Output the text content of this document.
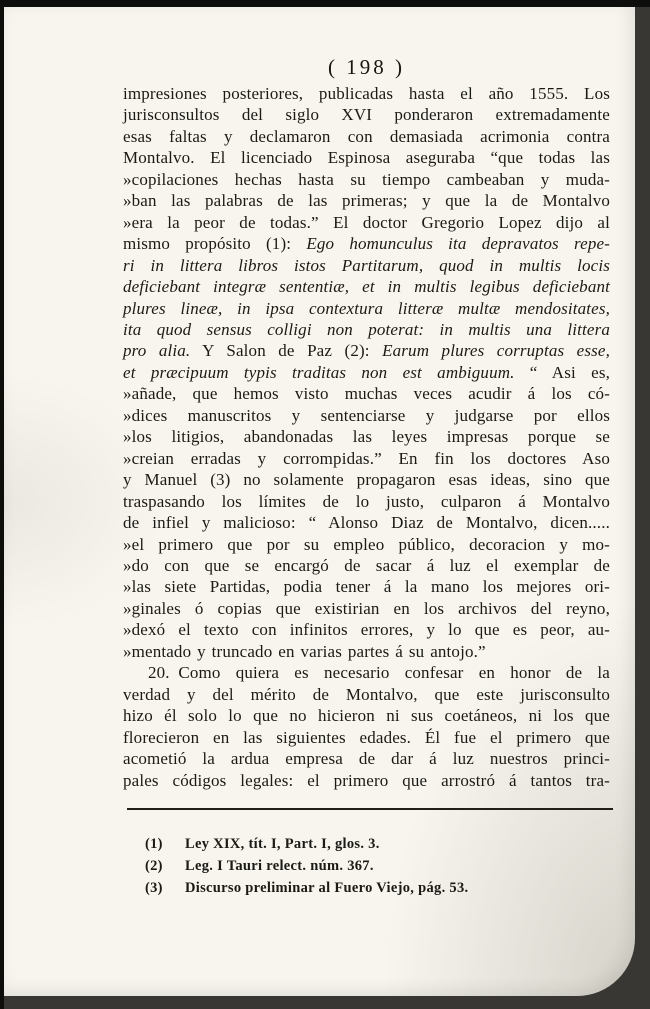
( 198 )
impresiones posteriores, publicadas hasta el año 1555. Los
jurisconsultos del siglo XVI ponderaron extremadamente
esas faltas y declamaron con demasiada acrimonia contra
Montalvo. El licenciado Espinosa aseguraba “que todas las
»copilaciones hechas hasta su tiempo cambeaban y muda-
»ban las palabras de las primeras; y que la de Montalvo
»era la peor de todas.” El doctor Gregorio Lopez dijo al
mismo propósito (1): Ego homunculus ita depravatos repe-
ri in littera libros istos Partitarum, quod in multis locis
deficiebant integræ sententiæ, et in multis legibus deficiebant
plures lineæ, in ipsa contextura litteræ multæ mendositates,
ita quod sensus colligi non poterat: in multis una littera
pro alia. Y Salon de Paz (2): Earum plures corruptas esse,
et præcipuum typis traditas non est ambiguum. “ Asi es,
»añade, que hemos visto muchas veces acudir á los có-
»dices manuscritos y sentenciarse y judgarse por ellos
»los litigios, abandonadas las leyes impresas porque se
»creian erradas y corrompidas.” En fin los doctores Aso
y Manuel (3) no solamente propagaron esas ideas, sino que
traspasando los límites de lo justo, culparon á Montalvo
de infiel y malicioso: “ Alonso Diaz de Montalvo, dicen.....
»el primero que por su empleo público, decoracion y mo-
»do con que se encargó de sacar á luz el exemplar de
»las siete Partidas, podia tener á la mano los mejores ori-
»ginales ó copias que existirian en los archivos del reyno,
»dexó el texto con infinitos errores, y lo que es peor, au-
»mentado y truncado en varias partes á su antojo.”
20. Como quiera es necesario confesar en honor de la
verdad y del mérito de Montalvo, que este jurisconsulto
hizo él solo lo que no hicieron ni sus coetáneos, ni los que
florecieron en las siguientes edades. Él fue el primero que
acometió la ardua empresa de dar á luz nuestros princi-
pales códigos legales: el primero que arrostró á tantos tra-
(1)	Ley XIX, tít. I, Part. I, glos. 3.
(2)	Leg. I Tauri relect. núm. 367.
(3)	Discurso preliminar al Fuero Viejo, pág. 53.
